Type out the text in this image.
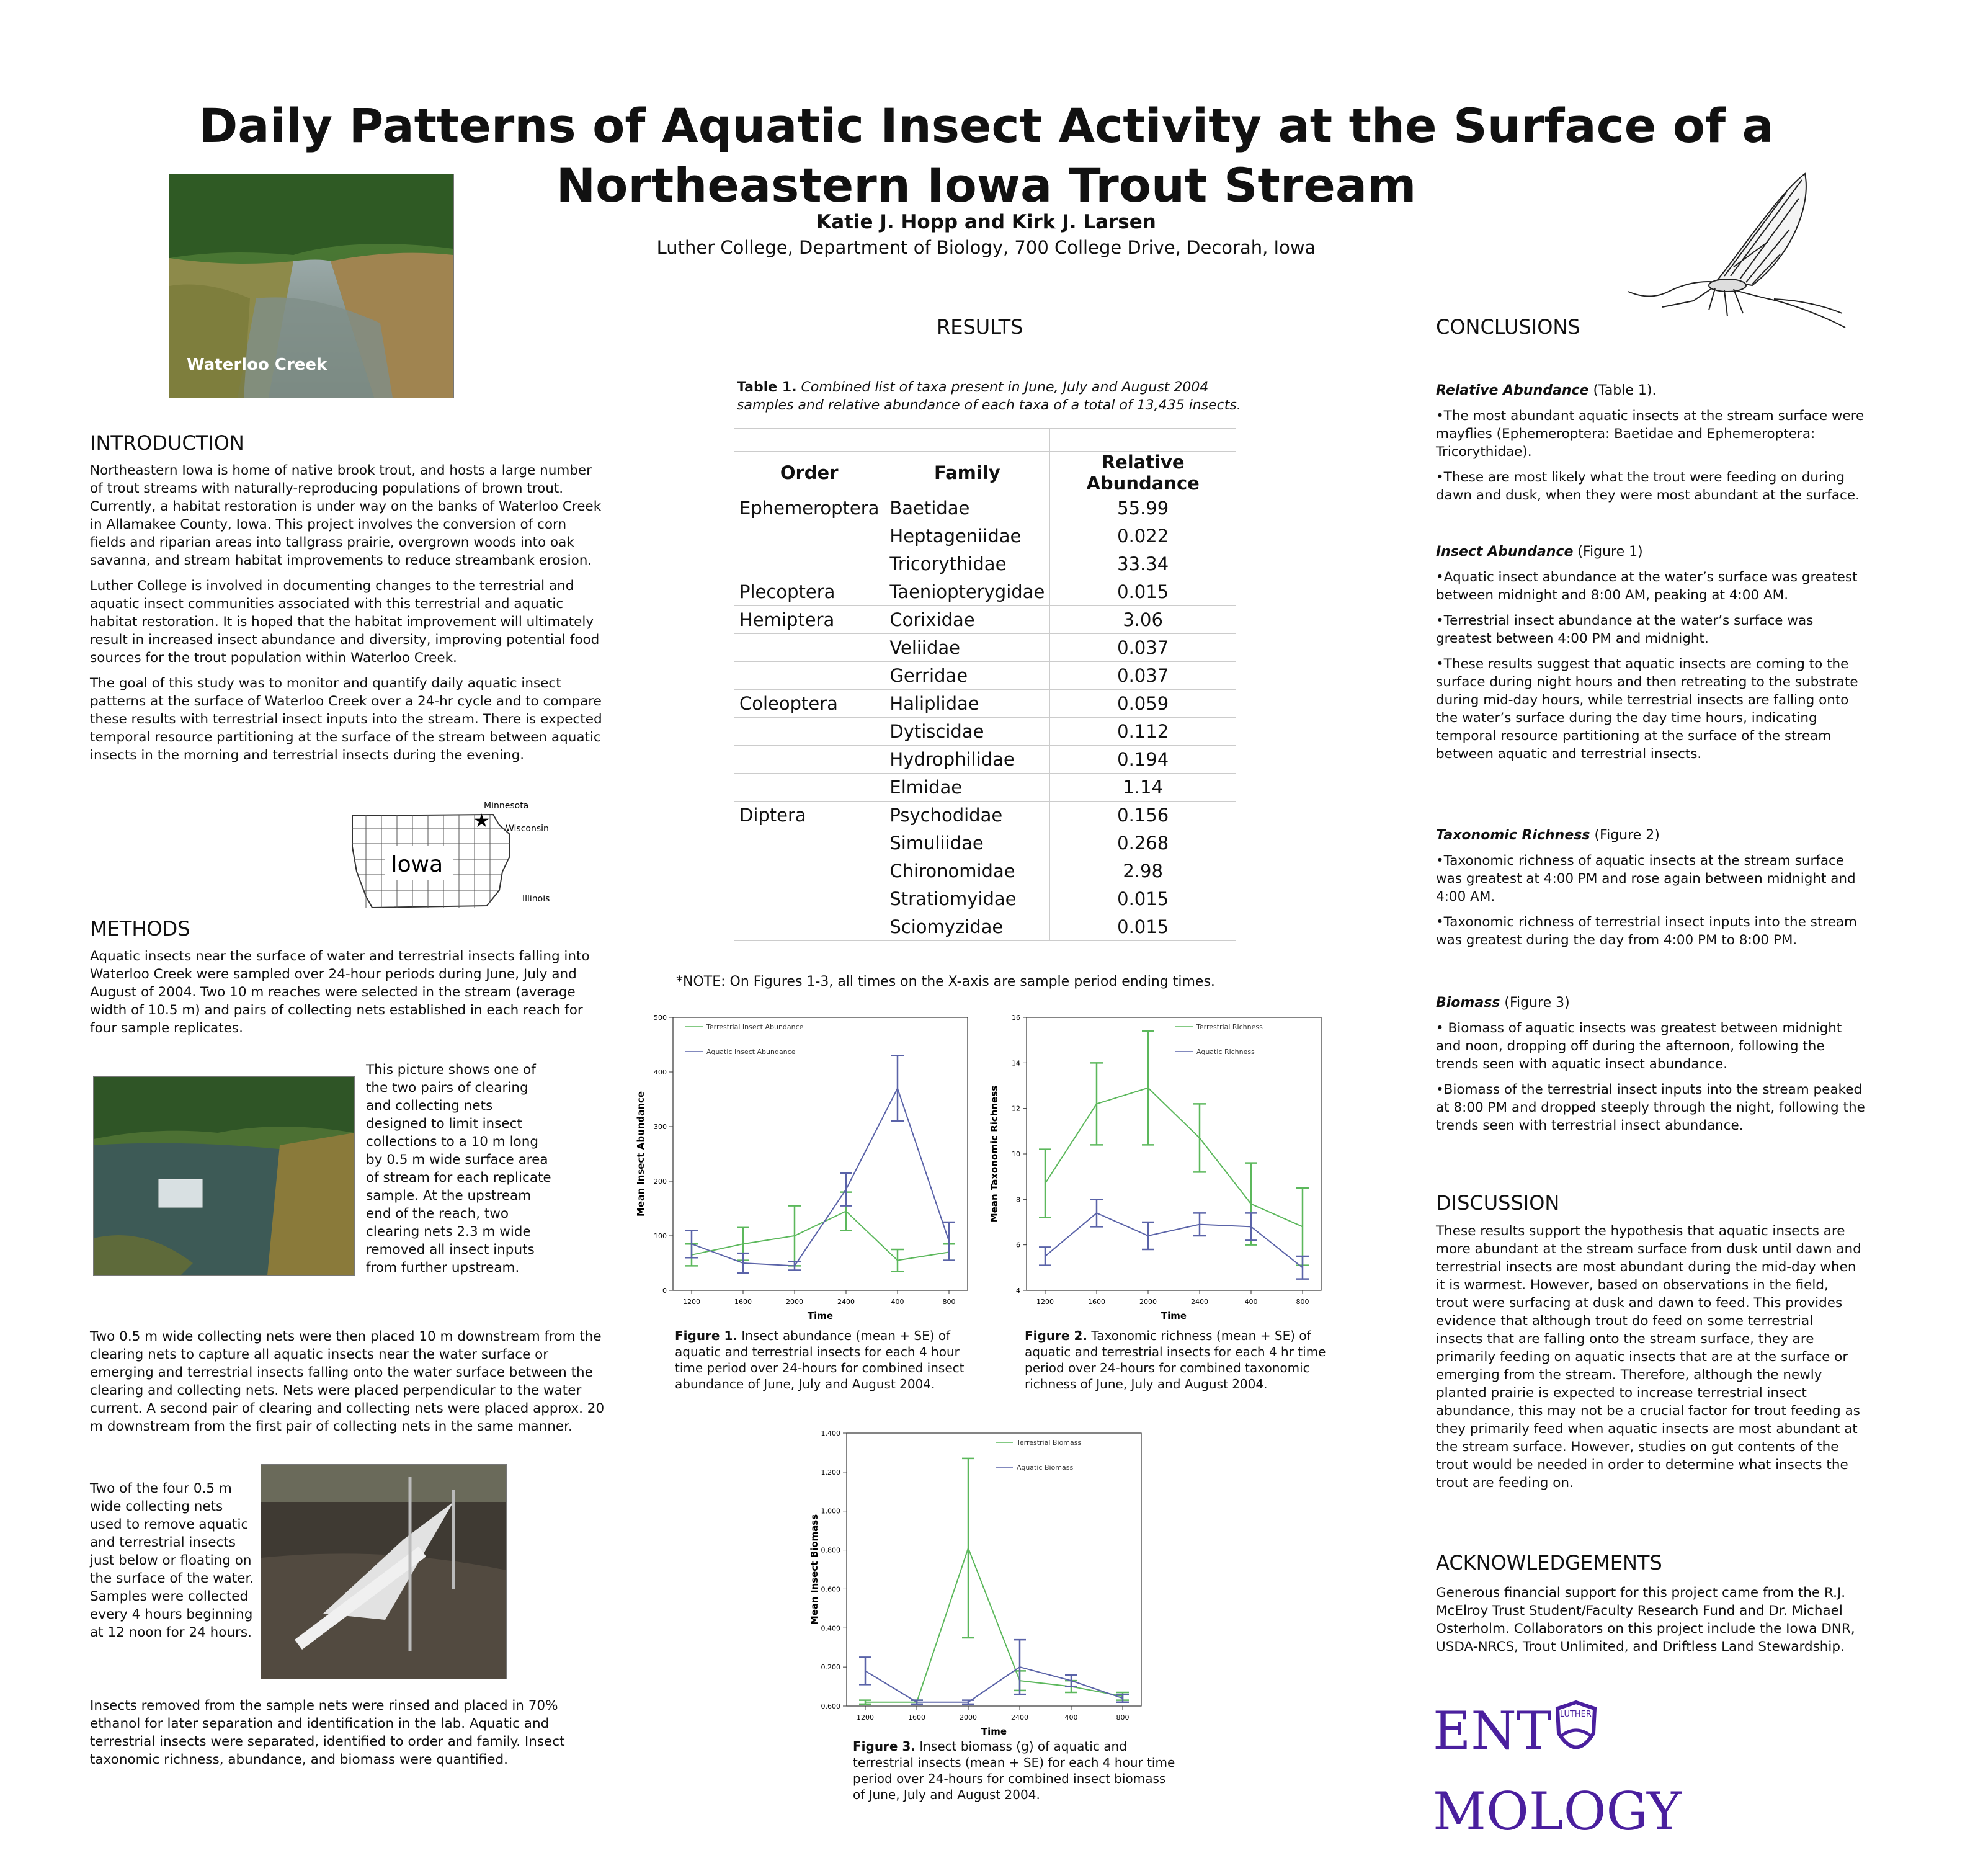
Daily Patterns of Aquatic Insect Activity at the Surface of a
Northeastern Iowa Trout Stream
Katie J. Hopp and Kirk J. Larsen
Luther College, Department of Biology, 700 College Drive, Decorah, Iowa
Waterloo Creek
INTRODUCTION

Northeastern Iowa is home of native brook trout, and hosts a large number of trout streams with naturally-reproducing populations of brown trout. Currently, a habitat restoration is under way on the banks of Waterloo Creek in Allamakee County, Iowa. This project involves the conversion of corn fields and riparian areas into tallgrass prairie, overgrown woods into oak savanna, and stream habitat improvements to reduce streambank erosion.

Luther College is involved in documenting changes to the terrestrial and aquatic insect communities associated with this terrestrial and aquatic habitat restoration. It is hoped that the habitat improvement will ultimately result in increased insect abundance and diversity, improving potential food sources for the trout population within Waterloo Creek.

The goal of this study was to monitor and quantify daily aquatic insect patterns at the surface of Waterloo Creek over a 24-hr cycle and to compare these results with terrestrial insect inputs into the stream. There is expected temporal resource partitioning at the surface of the stream between aquatic insects in the morning and terrestrial insects during the evening.

Minnesota
Wisconsin
Iowa
Illinois
★
METHODS
Aquatic insects near the surface of water and terrestrial insects falling into Waterloo Creek were sampled over 24-hour periods during June, July and August of 2004. Two 10 m reaches were selected in the stream (average width of 10.5 m) and pairs of collecting nets established in each reach for four sample replicates.
This picture shows one of the two pairs of clearing and collecting nets designed to limit insect collections to a 10 m long by 0.5 m wide surface area of stream for each replicate sample. At the upstream end of the reach, two clearing nets 2.3 m wide removed all insect inputs from further upstream.
Two 0.5 m wide collecting nets were then placed 10 m downstream from the clearing nets to capture all aquatic insects near the water surface or emerging and terrestrial insects falling onto the water surface between the clearing and collecting nets. Nets were placed perpendicular to the water current. A second pair of clearing and collecting nets were placed approx. 20 m downstream from the first pair of collecting nets in the same manner.
Two of the four 0.5 m wide collecting nets used to remove aquatic and terrestrial insects just below or floating on the surface of the water. Samples were collected every 4 hours beginning at 12 noon for 24 hours.
Insects removed from the sample nets were rinsed and placed in 70% ethanol for later separation and identification in the lab. Aquatic and terrestrial insects were separated, identified to order and family. Insect taxonomic richness, abundance, and biomass were quantified.
RESULTS
Table 1. Combined list of taxa present in June, July and August 2004 samples and relative abundance of each taxa of a total of 13,435 insects.

Order	Family	Relative Abundance
Ephemeroptera	Baetidae	55.99
	Heptageniidae	0.022
	Tricorythidae	33.34
Plecoptera	Taeniopterygidae	0.015
Hemiptera	Corixidae	3.06
	Veliidae	0.037
	Gerridae	0.037
Coleoptera	Haliplidae	0.059
	Dytiscidae	0.112
	Hydrophilidae	0.194
	Elmidae	1.14
Diptera	Psychodidae	0.156
	Simuliidae	0.268
	Chironomidae	2.98
	Stratiomyidae	0.015
	Sciomyzidae	0.015
*NOTE: On Figures 1-3, all times on the X-axis are sample period ending times.
0
100
200
300
400
500
1200	1600	2000	2400	400	800
Time
Mean Insect Abundance
Terrestrial Insect Abundance
Aquatic Insect Abundance
Figure 1. Insect abundance (mean + SE) of aquatic and terrestrial insects for each 4 hour time period over 24-hours for combined insect abundance of June, July and August 2004.
4
6
8
10
12
14
16
1200	1600	2000	2400	400	800
Time
Mean Taxonomic Richness
Terrestrial Richness
Aquatic Richness
Figure 2. Taxonomic richness (mean + SE) of aquatic and terrestrial insects for each 4 hr time period over 24-hours for combined taxonomic richness of June, July and August 2004.
0.600
0.200
0.400
0.600
0.800
1.000
1.200
1.400
1200	1600	2000	2400	400	800
Time
Mean Insect Biomass
Terrestrial Biomass
Aquatic Biomass
Figure 3. Insect biomass (g) of aquatic and terrestrial insects (mean + SE) for each 4 hour time period over 24-hours for combined insect biomass of June, July and August 2004.
CONCLUSIONS
Relative Abundance (Table 1).

•The most abundant aquatic insects at the stream surface were mayflies (Ephemeroptera: Baetidae and Ephemeroptera: Tricorythidae).

•These are most likely what the trout were feeding on during dawn and dusk, when they were most abundant at the surface.

Insect Abundance (Figure 1)

•Aquatic insect abundance at the water’s surface was greatest between midnight and 8:00 AM, peaking at 4:00 AM.

•Terrestrial insect abundance at the water’s surface was greatest between 4:00 PM and midnight.

•These results suggest that aquatic insects are coming to the surface during night hours and then retreating to the substrate during mid-day hours, while terrestrial insects are falling onto the water’s surface during the day time hours, indicating temporal resource partitioning at the surface of the stream between aquatic and terrestrial insects.

Taxonomic Richness (Figure 2)

•Taxonomic richness of aquatic insects at the stream surface was greatest at 4:00 PM and rose again between midnight and 4:00 AM.

•Taxonomic richness of terrestrial insect inputs into the stream was greatest during the day from 4:00 PM to 8:00 PM.

Biomass (Figure 3)

• Biomass of aquatic insects was greatest between midnight and noon, dropping off during the afternoon, following the trends seen with aquatic insect abundance.

•Biomass of the terrestrial insect inputs into the stream peaked at 8:00 PM and dropped steeply through the night, following the trends seen with terrestrial insect abundance.

DISCUSSION
These results support the hypothesis that aquatic insects are more abundant at the stream surface from dusk until dawn and terrestrial insects are most abundant during the mid-day when it is warmest. However, based on observations in the field, trout were surfacing at dusk and dawn to feed. This provides evidence that although trout do feed on some terrestrial insects that are falling onto the stream surface, they are primarily feeding on aquatic insects that are at the surface or emerging from the stream. Therefore, although the newly planted prairie is expected to increase terrestrial insect abundance, this may not be a crucial factor for trout feeding as they primarily feed when aquatic insects are most abundant at the stream surface. However, studies on gut contents of the trout would be needed in order to determine what insects the trout are feeding on.
ACKNOWLEDGEMENTS
Generous financial support for this project came from the R.J. McElroy Trust Student/Faculty Research Fund and Dr. Michael Osterholm. Collaborators on this project include the Iowa DNR, USDA-NRCS, Trout Unlimited, and Driftless Land Stewardship.
ENT LUTHER
MOLOGY
